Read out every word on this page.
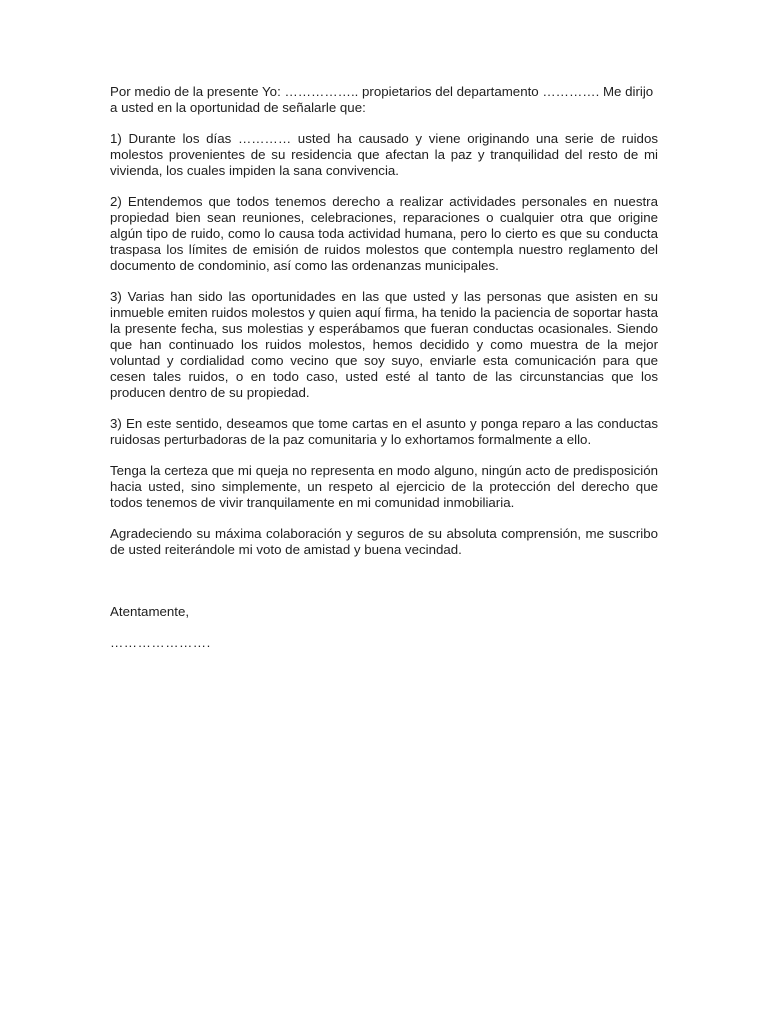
Por medio de la presente Yo: …………….. propietarios del departamento …………. Me dirijo a usted en la oportunidad de señalarle que:

1) Durante los días ………… usted ha causado y viene originando una serie de ruidos molestos provenientes de su residencia que afectan la paz y tranquilidad del resto de mi vivienda, los cuales impiden la sana convivencia.

2) Entendemos que todos tenemos derecho a realizar actividades personales en nuestra propiedad bien sean reuniones, celebraciones, reparaciones o cualquier otra que origine algún tipo de ruido, como lo causa toda actividad humana, pero lo cierto es que su conducta traspasa los límites de emisión de ruidos molestos que contempla nuestro reglamento del documento de condominio, así como las ordenanzas municipales.

3) Varias han sido las oportunidades en las que usted y las personas que asisten en su inmueble emiten ruidos molestos y quien aquí firma, ha tenido la paciencia de soportar hasta la presente fecha, sus molestias y esperábamos que fueran conductas ocasionales. Siendo que han continuado los ruidos molestos, hemos decidido y como muestra de la mejor voluntad y cordialidad como vecino que soy suyo, enviarle esta comunicación para que cesen tales ruidos, o en todo caso, usted esté al tanto de las circunstancias que los producen dentro de su propiedad.

3) En este sentido, deseamos que tome cartas en el asunto y ponga reparo a las conductas ruidosas perturbadoras de la paz comunitaria y lo exhortamos formalmente a ello.

Tenga la certeza que mi queja no representa en modo alguno, ningún acto de predisposición hacia usted, sino simplemente, un respeto al ejercicio de la protección del derecho que todos tenemos de vivir tranquilamente en mi comunidad inmobiliaria.

Agradeciendo su máxima colaboración y seguros de su absoluta comprensión, me suscribo de usted reiterándole mi voto de amistad y buena vecindad.

Atentamente,

………………….
